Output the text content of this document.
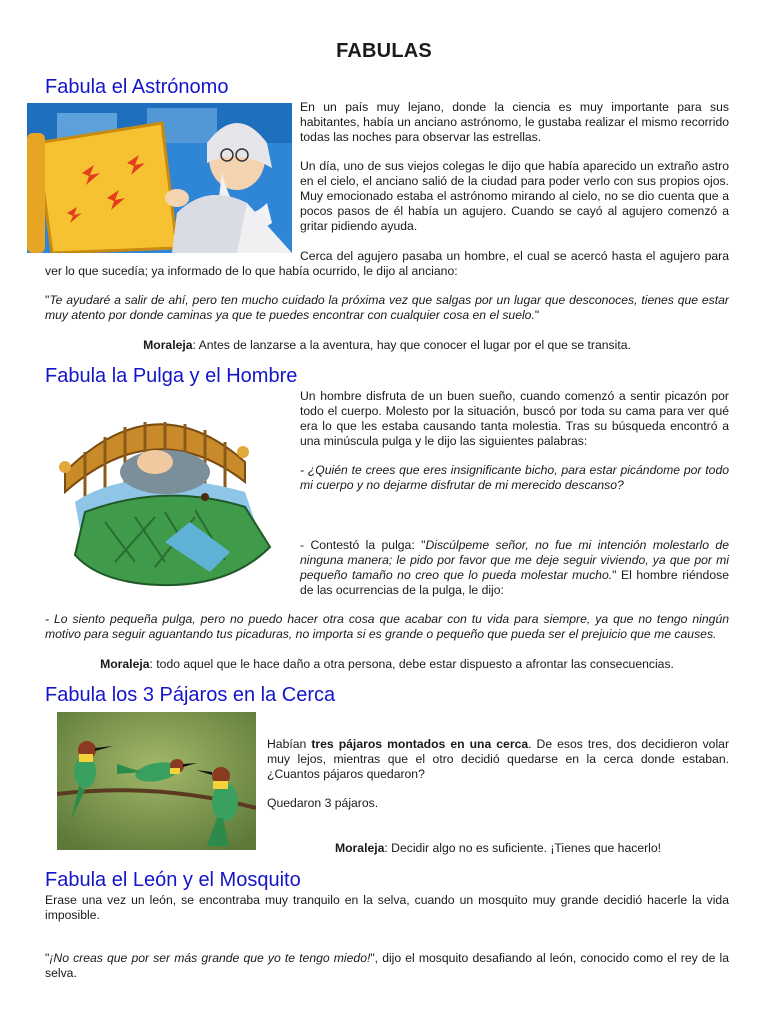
FABULAS
Fabula el Astrónomo
En un país muy lejano, donde la ciencia es muy importante para sus habitantes, había un anciano astrónomo, le gustaba realizar el mismo recorrido todas las noches para observar las estrellas.
Un día, uno de sus viejos colegas le dijo que había aparecido un extraño astro en el cielo, el anciano salió de la ciudad para poder verlo con sus propios ojos. Muy emocionado estaba el astrónomo mirando al cielo, no se dio cuenta que a pocos pasos de él había un agujero. Cuando se cayó al agujero comenzó a gritar pidiendo ayuda.
Cerca del agujero pasaba un hombre, el cual se acercó hasta el agujero para ver lo que sucedía; ya informado de lo que había ocurrido, le dijo al anciano:
"Te ayudaré a salir de ahí, pero ten mucho cuidado la próxima vez que salgas por un lugar que desconoces, tienes que estar muy atento por donde caminas ya que te puedes encontrar con cualquier cosa en el suelo."
Moraleja: Antes de lanzarse a la aventura, hay que conocer el lugar por el que se transita.
Fabula la Pulga y el Hombre
Un hombre disfruta de un buen sueño, cuando comenzó a sentir picazón por todo el cuerpo. Molesto por la situación, buscó por toda su cama para ver qué era lo que les estaba causando tanta molestia. Tras su búsqueda encontró a una minúscula pulga y le dijo las siguientes palabras:
- ¿Quién te crees que eres insignificante bicho, para estar picándome por todo mi cuerpo y no dejarme disfrutar de mi merecido descanso?
- Contestó la pulga: "Discúlpeme señor, no fue mi intención molestarlo de ninguna manera; le pido por favor que me deje seguir viviendo, ya que por mi pequeño tamaño no creo que lo pueda molestar mucho." El hombre riéndose de las ocurrencias de la pulga, le dijo:
- Lo siento pequeña pulga, pero no puedo hacer otra cosa que acabar con tu vida para siempre, ya que no tengo ningún motivo para seguir aguantando tus picaduras, no importa si es grande o pequeño que pueda ser el prejuicio que me causes.
Moraleja: todo aquel que le hace daño a otra persona, debe estar dispuesto a afrontar las consecuencias.
Fabula los 3 Pájaros en la Cerca
Habían tres pájaros montados en una cerca. De esos tres, dos decidieron volar muy lejos, mientras que el otro decidió quedarse en la cerca donde estaban. ¿Cuantos pájaros quedaron?
Quedaron 3 pájaros.
Moraleja: Decidir algo no es suficiente. ¡Tienes que hacerlo!
Fabula el León y el Mosquito
Erase una vez un león, se encontraba muy tranquilo en la selva, cuando un mosquito muy grande decidió hacerle la vida imposible.
"¡No creas que por ser más grande que yo te tengo miedo!", dijo el mosquito desafiando al león, conocido como el rey de la selva.
